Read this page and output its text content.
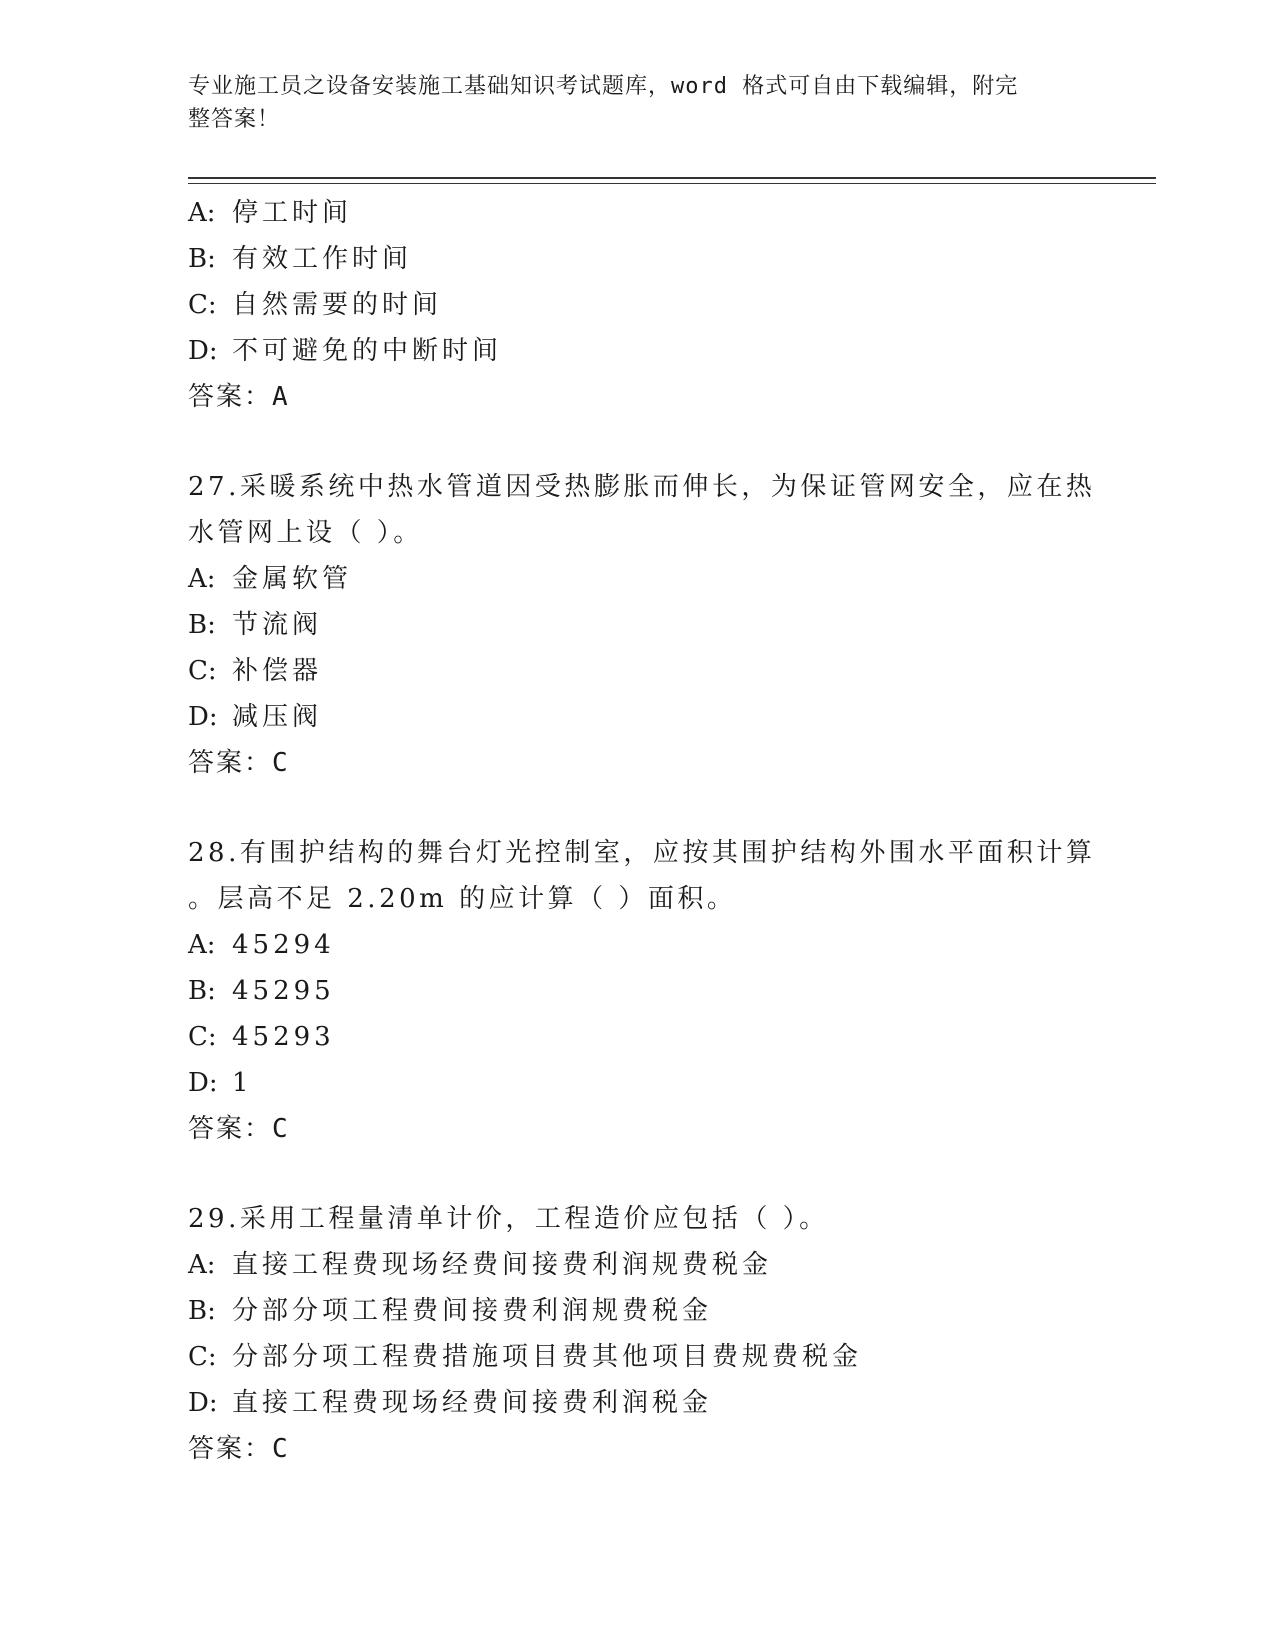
专业施工员之设备安装施工基础知识考试题库，word 格式可自由下载编辑，附完
整答案！
A: 停工时间
B: 有效工作时间
C: 自然需要的时间
D: 不可避免的中断时间
答案：A
27.采暖系统中热水管道因受热膨胀而伸长，为保证管网安全，应在热
水管网上设（ ）。
A: 金属软管
B: 节流阀
C: 补偿器
D: 减压阀
答案：C
28.有围护结构的舞台灯光控制室，应按其围护结构外围水平面积计算
。层高不足 2.20m 的应计算（ ）面积。
A: 45294
B: 45295
C: 45293
D: 1
答案：C
29.采用工程量清单计价，工程造价应包括（ ）。
A: 直接工程费现场经费间接费利润规费税金
B: 分部分项工程费间接费利润规费税金
C: 分部分项工程费措施项目费其他项目费规费税金
D: 直接工程费现场经费间接费利润税金
答案：C
